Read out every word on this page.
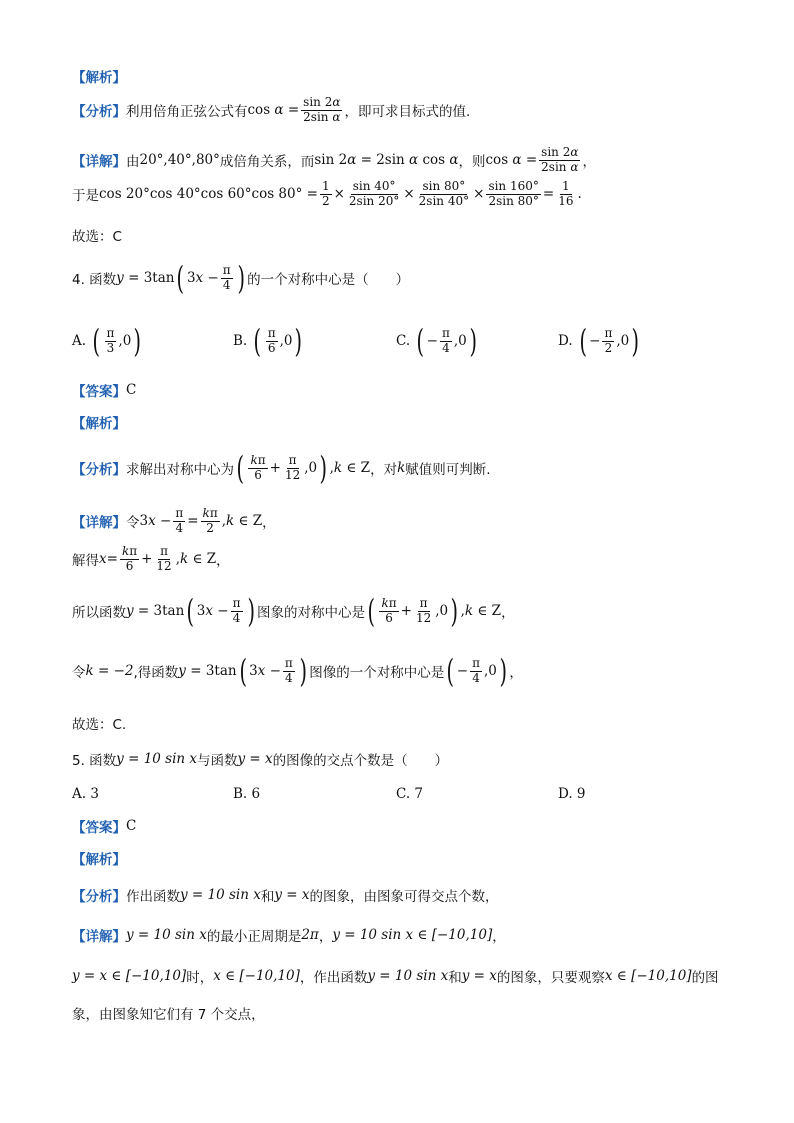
【解析】
【分析】 利用倍角正弦公式有 $\cos \alpha = \frac{\sin 2\alpha}{\text{2sin α}}$ ，即可求目标式的值.
【详解】 由 20°,40°,80° 成倍角关系，而 sin 2α = 2sin α cos α ，则 $\cos \alpha = \frac{\sin 2\alpha}{\text{2sin α}}$ ，
于是 cos 20°cos 40°cos 60°cos $80^\circ = \frac{1}{2} \times \frac{\sin 40^\circ}{2\sin 20^\circ} \times \frac{\sin 80^\circ}{2\sin 40^\circ} \times \frac{\sin 160^\circ}{2\sin 80^\circ} = \frac{1}{16}$ .
故选：C
4. 函数 y = 3tan ( $3x - \frac{\pi}{4}$ ) 的一个对称中心是（　　）
A. ( $\frac{\pi}{3} ,0$ )	B. ( $\frac{\pi}{6} ,0$ )	C. ( − $\frac{\pi}{4} ,0$ )	D. ( − $\frac{\pi}{2} ,0$ )
【答案】 C
【解析】
【分析】 求解出对称中心为 ( $\frac{k\pi}{6} + \frac{\pi}{12} ,0$ ) ,k ∈ Z ，对 k 赋值则可判断.
【详解】 令 $3x - \frac{\pi}{4} = \frac{k\pi}{2} ,k$ ∈ Z ，
解得 $x = \frac{k\pi}{6} + \frac{\pi}{12} ,k$ ∈ Z ，
所以函数 y = 3tan ( $3x - \frac{\pi}{4}$ ) 图象的对称中心是 ( $\frac{k\pi}{6} + \frac{\pi}{12} ,0$ ) ,k ∈ Z ，
令 k = −2 ,得函数 y = 3tan ( $3x - \frac{\pi}{4}$ ) 图像的一个对称中心是 ( − $\frac{\pi}{4} ,0$ ) ，
故选：C.
5. 函数 y = 10 sin x 与函数 y = x 的图像的交点个数是（　　）
A. 3	B. 6	C. 7	D. 9
【答案】 C
【解析】
【分析】 作出函数 y = 10 sin x 和 y = x 的图象，由图象可得交点个数，
【详解】 y = 10 sin x 的最小正周期是 2π ， y = 10 sin x ∈ [−10,10] ，
y = x ∈ [−10,10] 时， x ∈ [−10,10] ，作出函数 y = 10 sin x 和 y = x 的图象，只要观察 x ∈ [−10,10] 的图
象，由图象知它们有 7 个交点，
